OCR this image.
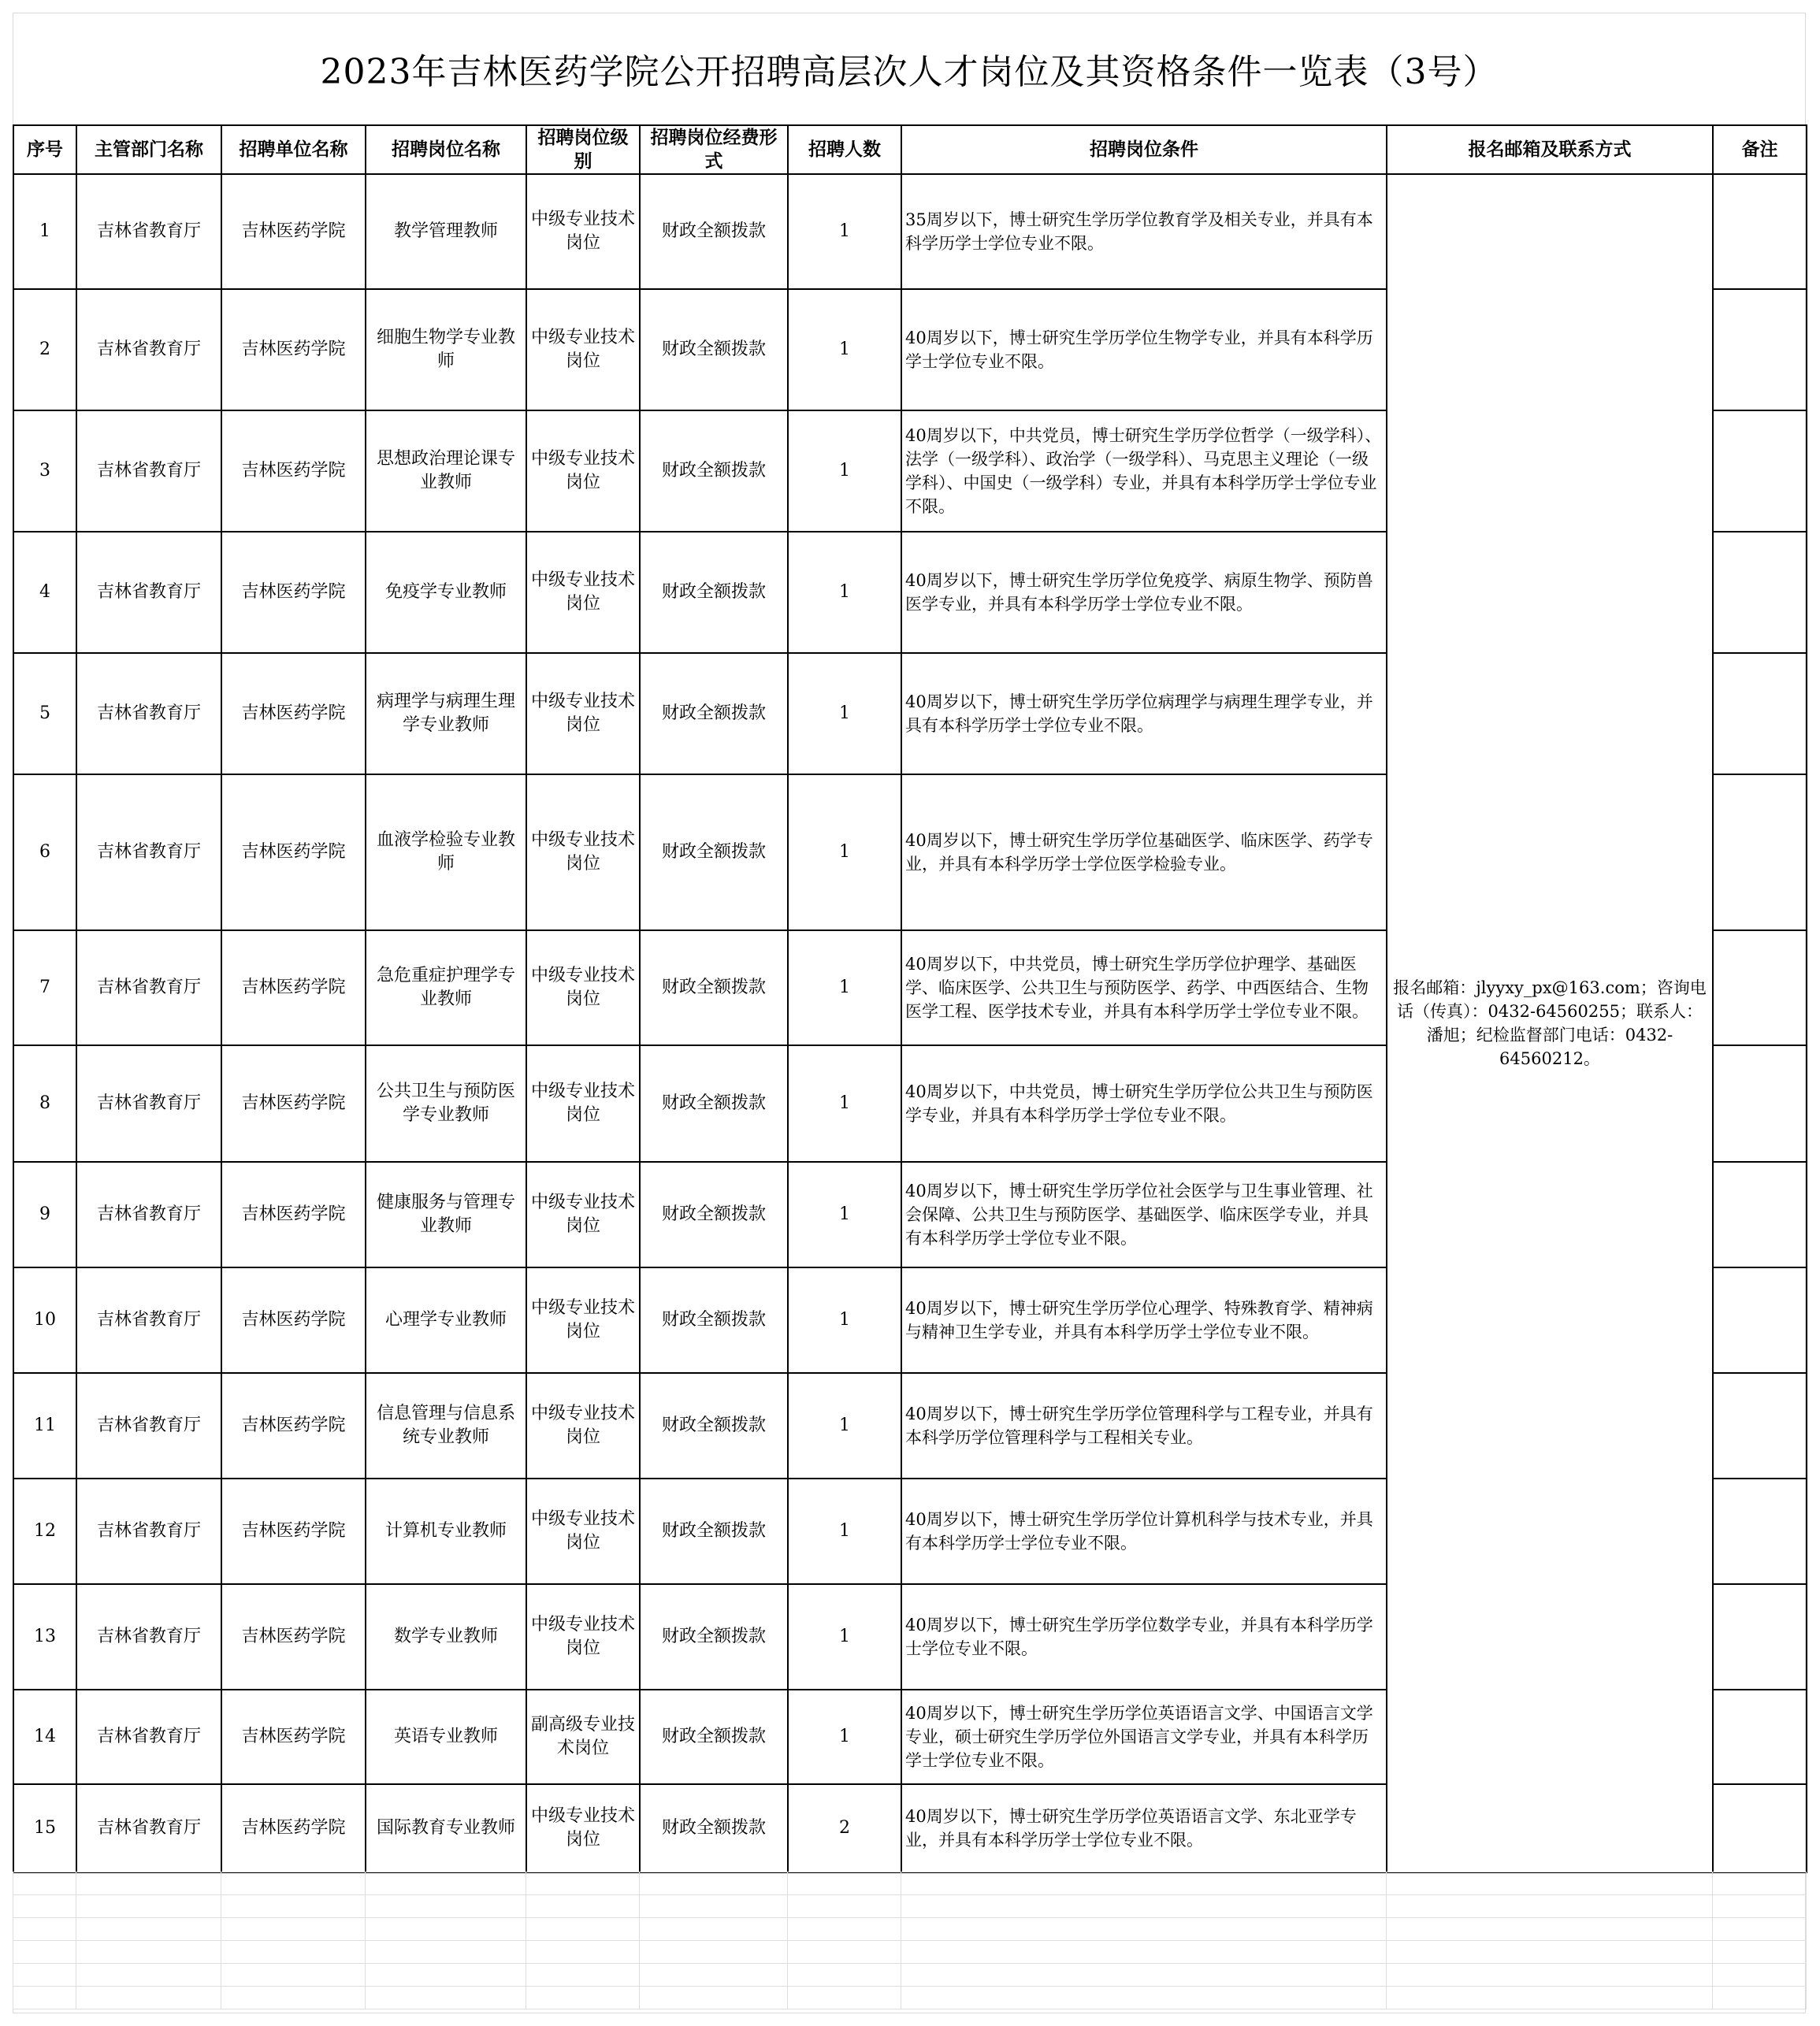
2023年吉林医药学院公开招聘高层次人才岗位及其资格条件一览表（3号）
序号	主管部门名称	招聘单位名称	招聘岗位名称	招聘岗位级别	招聘岗位经费形式	招聘人数	招聘岗位条件	报名邮箱及联系方式	备注
1	吉林省教育厅	吉林医药学院	教学管理教师	中级专业技术岗位	财政全额拨款	1	35周岁以下，博士研究生学历学位教育学及相关专业，并具有本科学历学士学位专业不限。	报名邮箱：jlyyxy_px@163.com；咨询电话（传真）：0432-64560255；联系人：潘旭；纪检监督部门电话：0432-64560212。	
2	吉林省教育厅	吉林医药学院	细胞生物学专业教师	中级专业技术岗位	财政全额拨款	1	40周岁以下，博士研究生学历学位生物学专业，并具有本科学历学士学位专业不限。		
3	吉林省教育厅	吉林医药学院	思想政治理论课专业教师	中级专业技术岗位	财政全额拨款	1	40周岁以下，中共党员，博士研究生学历学位哲学（一级学科）、法学（一级学科）、政治学（一级学科）、马克思主义理论（一级学科）、中国史（一级学科）专业，并具有本科学历学士学位专业不限。		
4	吉林省教育厅	吉林医药学院	免疫学专业教师	中级专业技术岗位	财政全额拨款	1	40周岁以下，博士研究生学历学位免疫学、病原生物学、预防兽医学专业，并具有本科学历学士学位专业不限。		
5	吉林省教育厅	吉林医药学院	病理学与病理生理学专业教师	中级专业技术岗位	财政全额拨款	1	40周岁以下，博士研究生学历学位病理学与病理生理学专业，并具有本科学历学士学位专业不限。		
6	吉林省教育厅	吉林医药学院	血液学检验专业教师	中级专业技术岗位	财政全额拨款	1	40周岁以下，博士研究生学历学位基础医学、临床医学、药学专业，并具有本科学历学士学位医学检验专业。		
7	吉林省教育厅	吉林医药学院	急危重症护理学专业教师	中级专业技术岗位	财政全额拨款	1	40周岁以下，中共党员，博士研究生学历学位护理学、基础医学、临床医学、公共卫生与预防医学、药学、中西医结合、生物医学工程、医学技术专业，并具有本科学历学士学位专业不限。		
8	吉林省教育厅	吉林医药学院	公共卫生与预防医学专业教师	中级专业技术岗位	财政全额拨款	1	40周岁以下，中共党员，博士研究生学历学位公共卫生与预防医学专业，并具有本科学历学士学位专业不限。		
9	吉林省教育厅	吉林医药学院	健康服务与管理专业教师	中级专业技术岗位	财政全额拨款	1	40周岁以下，博士研究生学历学位社会医学与卫生事业管理、社会保障、公共卫生与预防医学、基础医学、临床医学专业，并具有本科学历学士学位专业不限。		
10	吉林省教育厅	吉林医药学院	心理学专业教师	中级专业技术岗位	财政全额拨款	1	40周岁以下，博士研究生学历学位心理学、特殊教育学、精神病与精神卫生学专业，并具有本科学历学士学位专业不限。		
11	吉林省教育厅	吉林医药学院	信息管理与信息系统专业教师	中级专业技术岗位	财政全额拨款	1	40周岁以下，博士研究生学历学位管理科学与工程专业，并具有本科学历学位管理科学与工程相关专业。		
12	吉林省教育厅	吉林医药学院	计算机专业教师	中级专业技术岗位	财政全额拨款	1	40周岁以下，博士研究生学历学位计算机科学与技术专业，并具有本科学历学士学位专业不限。		
13	吉林省教育厅	吉林医药学院	数学专业教师	中级专业技术岗位	财政全额拨款	1	40周岁以下，博士研究生学历学位数学专业，并具有本科学历学士学位专业不限。		
14	吉林省教育厅	吉林医药学院	英语专业教师	副高级专业技术岗位	财政全额拨款	1	40周岁以下，博士研究生学历学位英语语言文学、中国语言文学专业，硕士研究生学历学位外国语言文学专业，并具有本科学历学士学位专业不限。		
15	吉林省教育厅	吉林医药学院	国际教育专业教师	中级专业技术岗位	财政全额拨款	2	40周岁以下，博士研究生学历学位英语语言文学、东北亚学专业，并具有本科学历学士学位专业不限。		
